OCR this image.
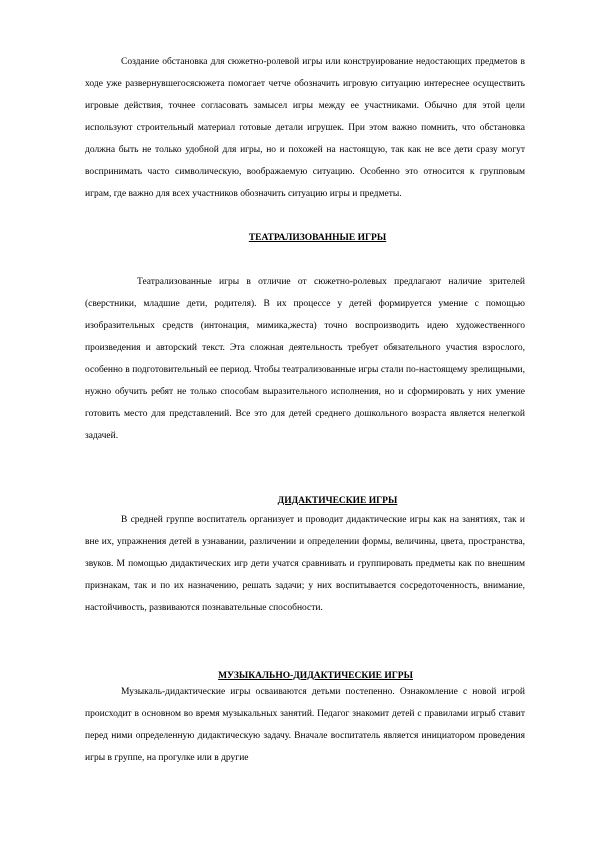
Создание обстановка для сюжетно-ролевой игры или конструирование недостающих предметов в ходе уже развернувшегосясюжета помогает четче обозначить игровую ситуацию интереснее осуществить игровые действия, точнее согласовать замысел игры между ее участниками. Обычно для этой цели используют строительный материал готовые детали игрушек. При этом важно помнить, что обстановка должна быть не только удобной для игры, но и похожей на настоящую, так как не все дети сразу могут воспринимать часто символическую, воображаемую ситуацию. Особенно это относится к групповым играм, где важно для всех участников обозначить ситуацию игры и предметы.

ТЕАТРАЛИЗОВАННЫЕ ИГРЫ

Театрализованные игры в отличие от сюжетно-ролевых предлагают наличие зрителей (сверстники, младшие дети, родителя). В их процессе у детей формируется умение с помощью изобразительных средств (интонация, мимика,жеста) точно воспроизводить идею художественного произведения и авторский текст. Эта сложная деятельность требует обязательного участия взрослого, особенно в подготовительный ее период. Чтобы театрализованные игры стали по-настоящему зрелищными, нужно обучить ребят не только способам выразительного исполнения, но и сформировать у них умение готовить место для представлений. Все это для детей среднего дошкольного возраста является нелегкой задачей.

ДИДАКТИЧЕСКИЕ ИГРЫ

В средней группе воспитатель организует и проводит дидактические игры как на занятиях, так и вне их, упражнения детей в узнавании, различении и определении формы, величины, цвета, пространства, звуков. М помощью дидактических игр дети учатся сравнивать и группировать предметы как по внешним признакам, так и по их назначению, решать задачи; у них воспитывается сосредоточенность, внимание, настойчивость, развиваются познавательные способности.

МУЗЫКАЛЬНО-ДИДАКТИЧЕСКИЕ ИГРЫ

Музыкаль-дидактические игры осваиваются детьми постепенно. Ознакомление с новой игрой происходит в основном во время музыкальных занятий. Педагог знакомит детей с правилами игрыб ставит перед ними определенную дидактическую задачу. Вначале воспитатель является инициатором проведения игры в группе, на прогулке или в другие
